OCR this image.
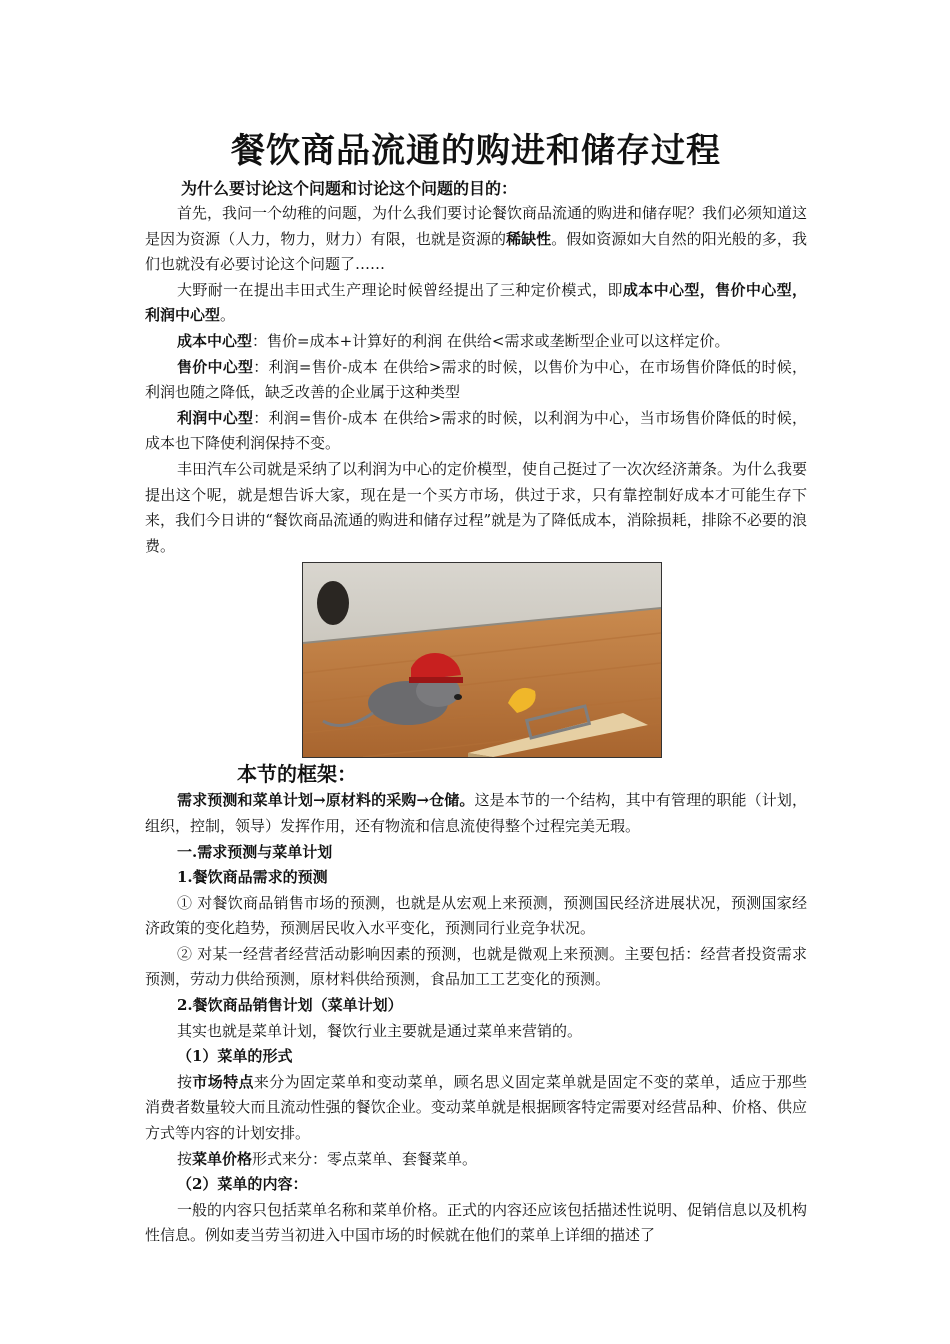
餐饮商品流通的购进和储存过程
为什么要讨论这个问题和讨论这个问题的目的：

首先，我问一个幼稚的问题，为什么我们要讨论餐饮商品流通的购进和储存呢？我们必须知道这是因为资源（人力，物力，财力）有限，也就是资源的稀缺性。假如资源如大自然的阳光般的多，我们也就没有必要讨论这个问题了……

大野耐一在提出丰田式生产理论时候曾经提出了三种定价模式，即成本中心型，售价中心型，利润中心型。

成本中心型：售价=成本+计算好的利润 在供给<需求或垄断型企业可以这样定价。

售价中心型：利润=售价-成本 在供给>需求的时候，以售价为中心，在市场售价降低的时候，利润也随之降低，缺乏改善的企业属于这种类型

利润中心型：利润=售价-成本 在供给>需求的时候，以利润为中心，当市场售价降低的时候，成本也下降使利润保持不变。

丰田汽车公司就是采纳了以利润为中心的定价模型，使自己挺过了一次次经济萧条。为什么我要提出这个呢，就是想告诉大家，现在是一个买方市场，供过于求，只有靠控制好成本才可能生存下来，我们今日讲的“餐饮商品流通的购进和储存过程”就是为了降低成本，消除损耗，排除不必要的浪费。

本节的框架：

需求预测和菜单计划→原材料的采购→仓储。这是本节的一个结构，其中有管理的职能（计划，组织，控制，领导）发挥作用，还有物流和信息流使得整个过程完美无瑕。

一.需求预测与菜单计划
1.餐饮商品需求的预测

① 对餐饮商品销售市场的预测，也就是从宏观上来预测，预测国民经济进展状况，预测国家经济政策的变化趋势，预测居民收入水平变化，预测同行业竞争状况。

② 对某一经营者经营活动影响因素的预测，也就是微观上来预测。主要包括：经营者投资需求预测，劳动力供给预测，原材料供给预测，食品加工工艺变化的预测。

2.餐饮商品销售计划（菜单计划）

其实也就是菜单计划，餐饮行业主要就是通过菜单来营销的。

（1）菜单的形式

按市场特点来分为固定菜单和变动菜单，顾名思义固定菜单就是固定不变的菜单，适应于那些消费者数量较大而且流动性强的餐饮企业。变动菜单就是根据顾客特定需要对经营品种、价格、供应方式等内容的计划安排。

按菜单价格形式来分：零点菜单、套餐菜单。

（2）菜单的内容：

一般的内容只包括菜单名称和菜单价格。正式的内容还应该包括描述性说明、促销信息以及机构性信息。例如麦当劳当初进入中国市场的时候就在他们的菜单上详细的描述了
